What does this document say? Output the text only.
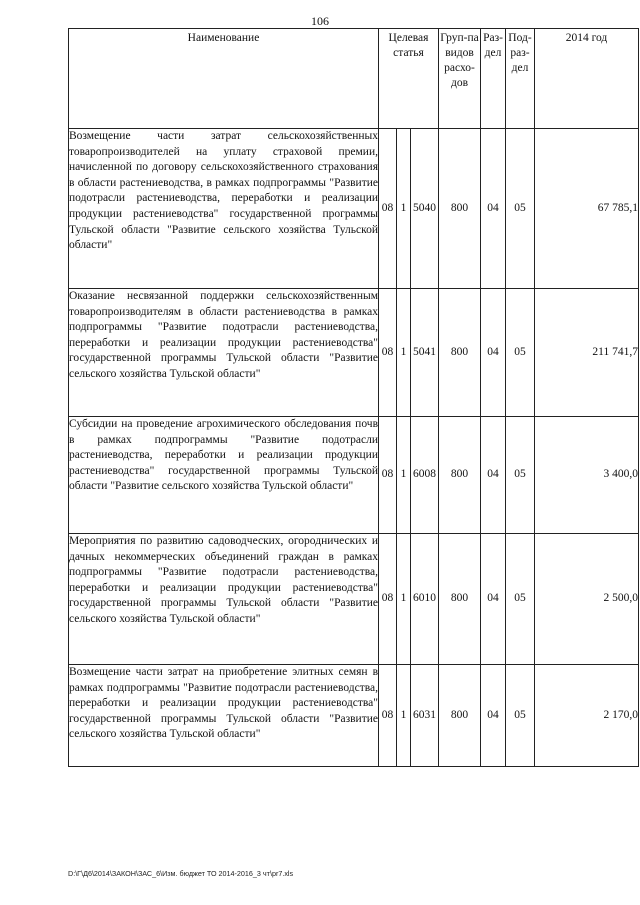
106
Наименование	Целевая статья			Груп-па видов расхо-дов	Раз-дел	Под-раз-дел	2014 год

Возмещение части затрат сельскохозяйственных товаропроизводителей на уплату страховой премии, начисленной по договору сельскохозяйственного страхования в области растениеводства, в рамках подпрограммы "Развитие подотрасли растениеводства, переработки и реализации продукции растениеводства" государственной программы Тульской области "Развитие сельского хозяйства Тульской области"	08	1	5040	800	04	05	67 785,1

Оказание несвязанной поддержки сельскохозяйственным товаропроизводителям в области растениеводства в рамках подпрограммы "Развитие подотрасли растениеводства, переработки и реализации продукции растениеводства" государственной программы Тульской области "Развитие сельского хозяйства Тульской области"	08	1	5041	800	04	05	211 741,7

Субсидии на проведение агрохимического обследования почв в рамках подпрограммы "Развитие подотрасли растениеводства, переработки и реализации продукции растениеводства" государственной программы Тульской области "Развитие сельского хозяйства Тульской области"	08	1	6008	800	04	05	3 400,0

Мероприятия по развитию садоводческих, огороднических и дачных некоммерческих объединений граждан в рамках подпрограммы "Развитие подотрасли растениеводства, переработки и реализации продукции растениеводства" государственной программы Тульской области "Развитие сельского хозяйства Тульской области"	08	1	6010	800	04	05	2 500,0

Возмещение части затрат на приобретение элитных семян в рамках подпрограммы "Развитие подотрасли растениеводства, переработки и реализации продукции растениеводства" государственной программы Тульской области "Развитие сельского хозяйства Тульской области"	08	1	6031	800	04	05	2 170,0
D:\Г\Д6\2014\ЗАКОН\ЗАС_6\Изм. бюджет ТО 2014-2016_3 чт\pr7.xls
